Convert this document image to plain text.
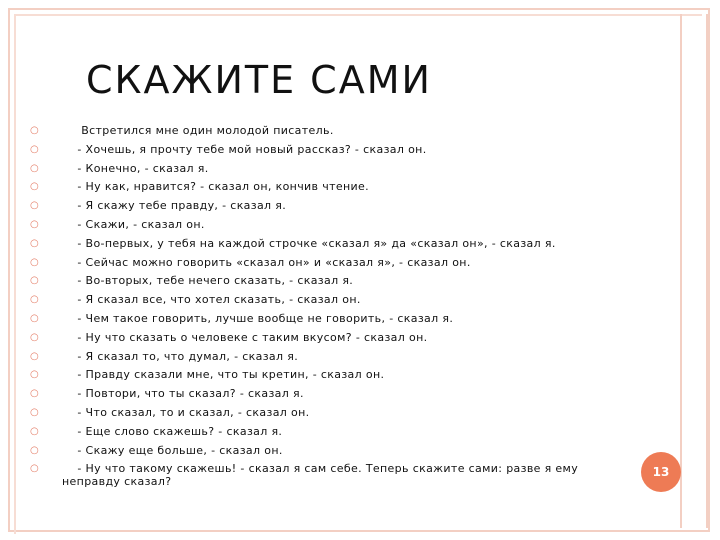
СКАЖИТЕ САМИ
○ Встретился мне один молодой писатель.
○ - Хочешь, я прочту тебе мой новый рассказ? - сказал он.
○ - Конечно, - сказал я.
○ - Ну как, нравится? - сказал он, кончив чтение.
○ - Я скажу тебе правду, - сказал я.
○ - Скажи, - сказал он.
○ - Во-первых, у тебя на каждой строчке «сказал я» да «сказал он», - сказал я.
○ - Сейчас можно говорить «сказал он» и «сказал я», - сказал он.
○ - Во-вторых, тебе нечего сказать, - сказал я.
○ - Я сказал все, что хотел сказать, - сказал он.
○ - Чем такое говорить, лучше вообще не говорить, - сказал я.
○ - Ну что сказать о человеке с таким вкусом? - сказал он.
○ - Я сказал то, что думал, - сказал я.
○ - Правду сказали мне, что ты кретин, - сказал он.
○ - Повтори, что ты сказал? - сказал я.
○ - Что сказал, то и сказал, - сказал он.
○ - Еще слово скажешь? - сказал я.
○ - Скажу еще больше, - сказал он.
○ - Ну что такому скажешь! - сказал я сам себе. Теперь скажите сами: разве я ему неправду сказал?
13
